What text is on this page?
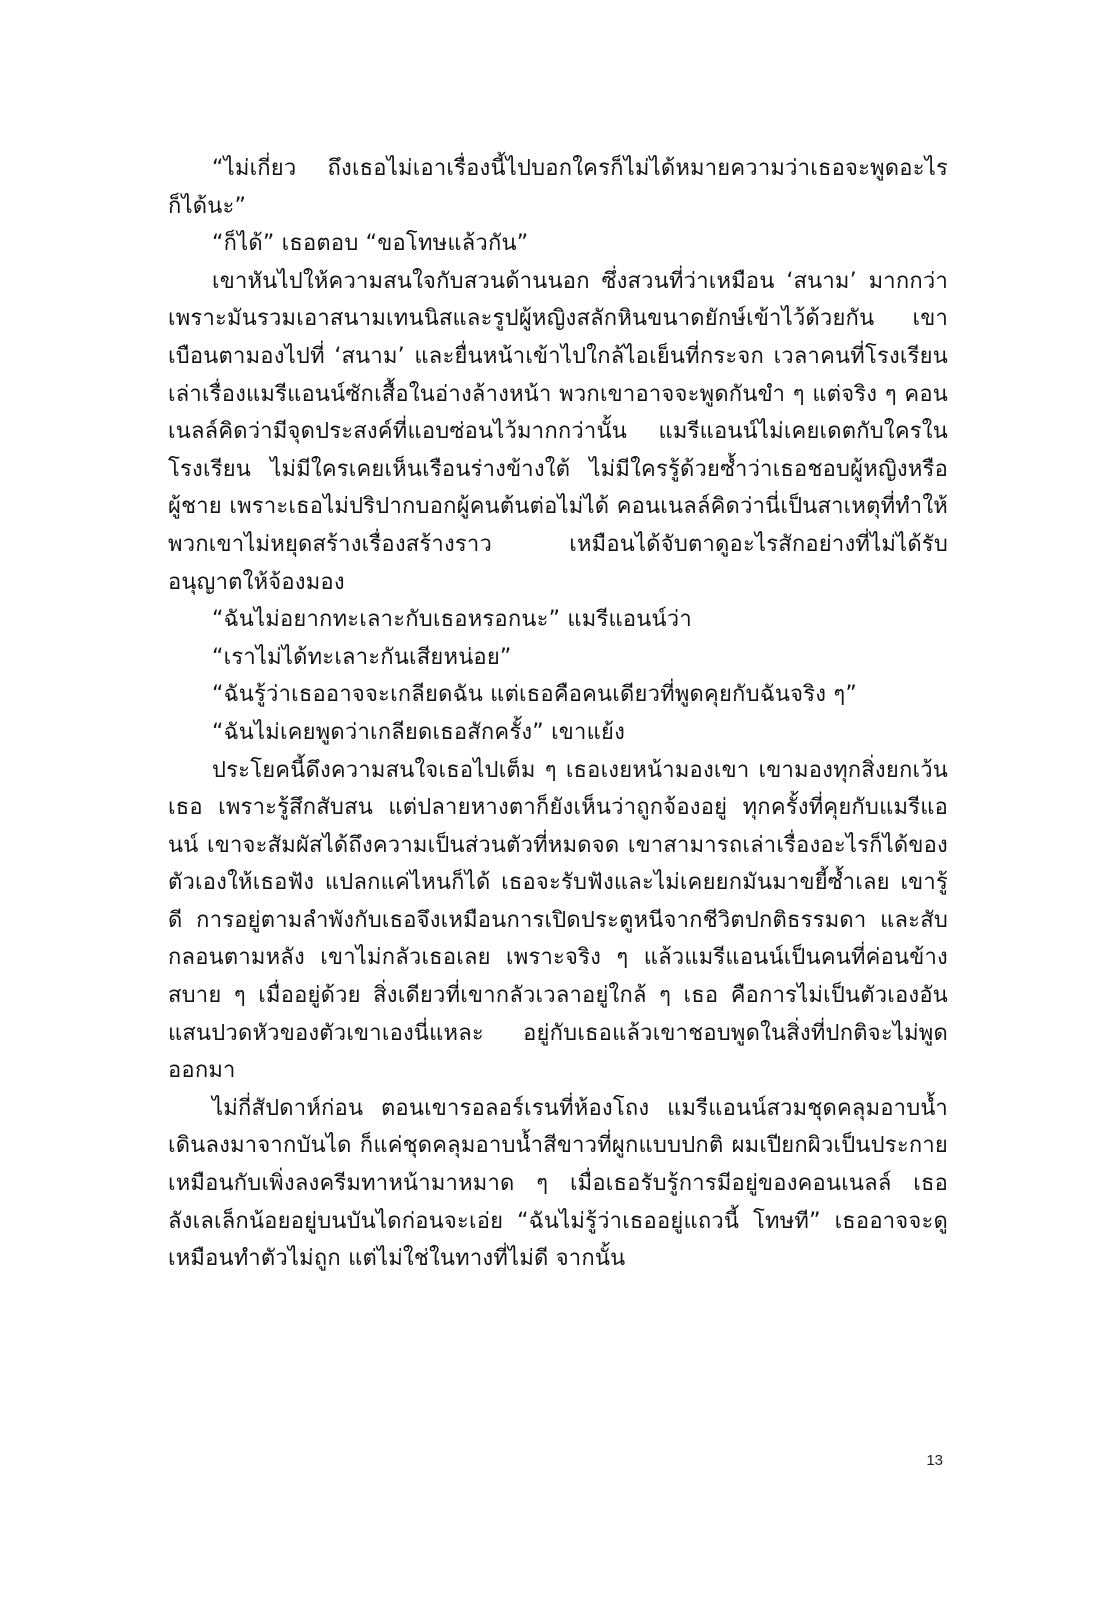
“ไม่เกี่ยว ถึงเธอไม่เอาเรื่องนี้ไปบอกใครก็ไม่ได้หมายความว่าเธอจะพูดอะไรก็ได้นะ”

“ก็ได้” เธอตอบ “ขอโทษแล้วกัน”

เขาหันไปให้ความสนใจกับสวนด้านนอก ซึ่งสวนที่ว่าเหมือน ‘สนาม’ มากกว่า เพราะมันรวมเอาสนามเทนนิสและรูปผู้หญิงสลักหินขนาดยักษ์เข้าไว้ด้วยกัน เขาเบือนตามองไปที่ ‘สนาม’ และยื่นหน้าเข้าไปใกล้ไอเย็นที่กระจก เวลาคนที่โรงเรียนเล่าเรื่องแมรีแอนน์ซักเสื้อในอ่างล้างหน้า พวกเขาอาจจะพูดกันขำ ๆ แต่จริง ๆ คอนเนลล์คิดว่ามีจุดประสงค์ที่แอบซ่อนไว้มากกว่านั้น แมรีแอนน์ไม่เคยเดตกับใครในโรงเรียน ไม่มีใครเคยเห็นเรือนร่างข้างใต้ ไม่มีใครรู้ด้วยซ้ำว่าเธอชอบผู้หญิงหรือผู้ชาย เพราะเธอไม่ปริปากบอกผู้คนต้นต่อไม่ได้ คอนเนลล์คิดว่านี่เป็นสาเหตุที่ทำให้พวกเขาไม่หยุดสร้างเรื่องสร้างราว เหมือนได้จับตาดูอะไรสักอย่างที่ไม่ได้รับอนุญาตให้จ้องมอง

“ฉันไม่อยากทะเลาะกับเธอหรอกนะ” แมรีแอนน์ว่า

“เราไม่ได้ทะเลาะกันเสียหน่อย”

“ฉันรู้ว่าเธออาจจะเกลียดฉัน แต่เธอคือคนเดียวที่พูดคุยกับฉันจริง ๆ”

“ฉันไม่เคยพูดว่าเกลียดเธอสักครั้ง” เขาแย้ง

ประโยคนี้ดึงความสนใจเธอไปเต็ม ๆ เธอเงยหน้ามองเขา เขามองทุกสิ่งยกเว้นเธอ เพราะรู้สึกสับสน แต่ปลายหางตาก็ยังเห็นว่าถูกจ้องอยู่ ทุกครั้งที่คุยกับแมรีแอนน์ เขาจะสัมผัสได้ถึงความเป็นส่วนตัวที่หมดจด เขาสามารถเล่าเรื่องอะไรก็ได้ของตัวเองให้เธอฟัง แปลกแค่ไหนก็ได้ เธอจะรับฟังและไม่เคยยกมันมาขยี้ซ้ำเลย เขารู้ดี การอยู่ตามลำพังกับเธอจึงเหมือนการเปิดประตูหนีจากชีวิตปกติธรรมดา และสับกลอนตามหลัง เขาไม่กลัวเธอเลย เพราะจริง ๆ แล้วแมรีแอนน์เป็นคนที่ค่อนข้างสบาย ๆ เมื่ออยู่ด้วย สิ่งเดียวที่เขากลัวเวลาอยู่ใกล้ ๆ เธอ คือการไม่เป็นตัวเองอันแสนปวดหัวของตัวเขาเองนี่แหละ อยู่กับเธอแล้วเขาชอบพูดในสิ่งที่ปกติจะไม่พูดออกมา

ไม่กี่สัปดาห์ก่อน ตอนเขารอลอร์เรนที่ห้องโถง แมรีแอนน์สวมชุดคลุมอาบน้ำเดินลงมาจากบันได ก็แค่ชุดคลุมอาบน้ำสีขาวที่ผูกแบบปกติ ผมเปียกผิวเป็นประกายเหมือนกับเพิ่งลงครีมทาหน้ามาหมาด ๆ เมื่อเธอรับรู้การมีอยู่ของคอนเนลล์ เธอลังเลเล็กน้อยอยู่บนบันไดก่อนจะเอ่ย “ฉันไม่รู้ว่าเธออยู่แถวนี้ โทษที” เธออาจจะดูเหมือนทำตัวไม่ถูก แต่ไม่ใช่ในทางที่ไม่ดี จากนั้น

13
